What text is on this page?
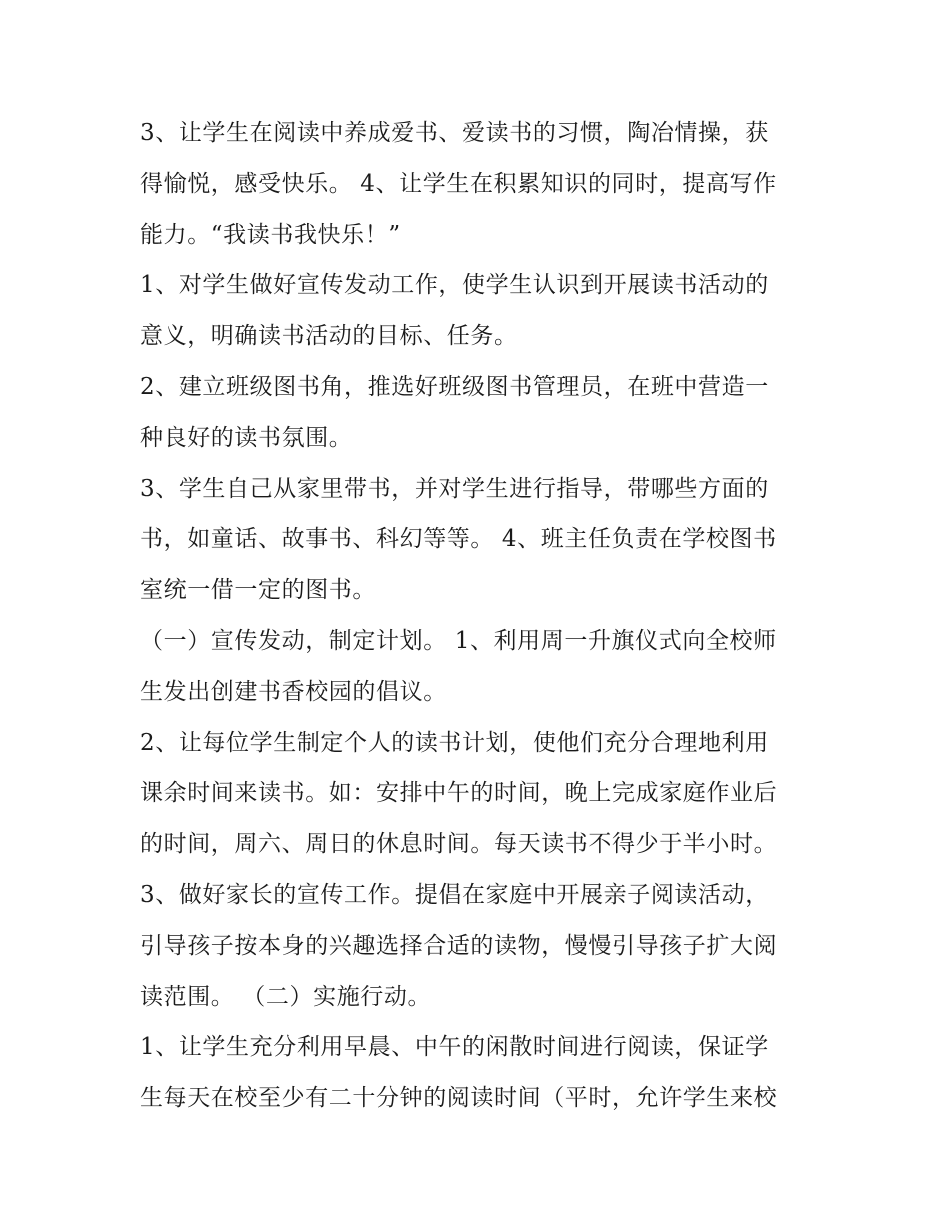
3、让学生在阅读中养成爱书、爱读书的习惯，陶冶情操，获
得愉悦，感受快乐。 4、让学生在积累知识的同时，提高写作
能力。“我读书我快乐！”
1、对学生做好宣传发动工作，使学生认识到开展读书活动的
意义，明确读书活动的目标、任务。
2、建立班级图书角，推选好班级图书管理员，在班中营造一
种良好的读书氛围。
3、学生自己从家里带书，并对学生进行指导，带哪些方面的
书，如童话、故事书、科幻等等。 4、班主任负责在学校图书
室统一借一定的图书。
（一）宣传发动，制定计划。 1、利用周一升旗仪式向全校师
生发出创建书香校园的倡议。
2、让每位学生制定个人的读书计划，使他们充分合理地利用
课余时间来读书。如：安排中午的时间，晚上完成家庭作业后
的时间，周六、周日的休息时间。每天读书不得少于半小时。
3、做好家长的宣传工作。提倡在家庭中开展亲子阅读活动，
引导孩子按本身的兴趣选择合适的读物，慢慢引导孩子扩大阅
读范围。 （二）实施行动。
1、让学生充分利用早晨、中午的闲散时间进行阅读，保证学
生每天在校至少有二十分钟的阅读时间（平时，允许学生来校
